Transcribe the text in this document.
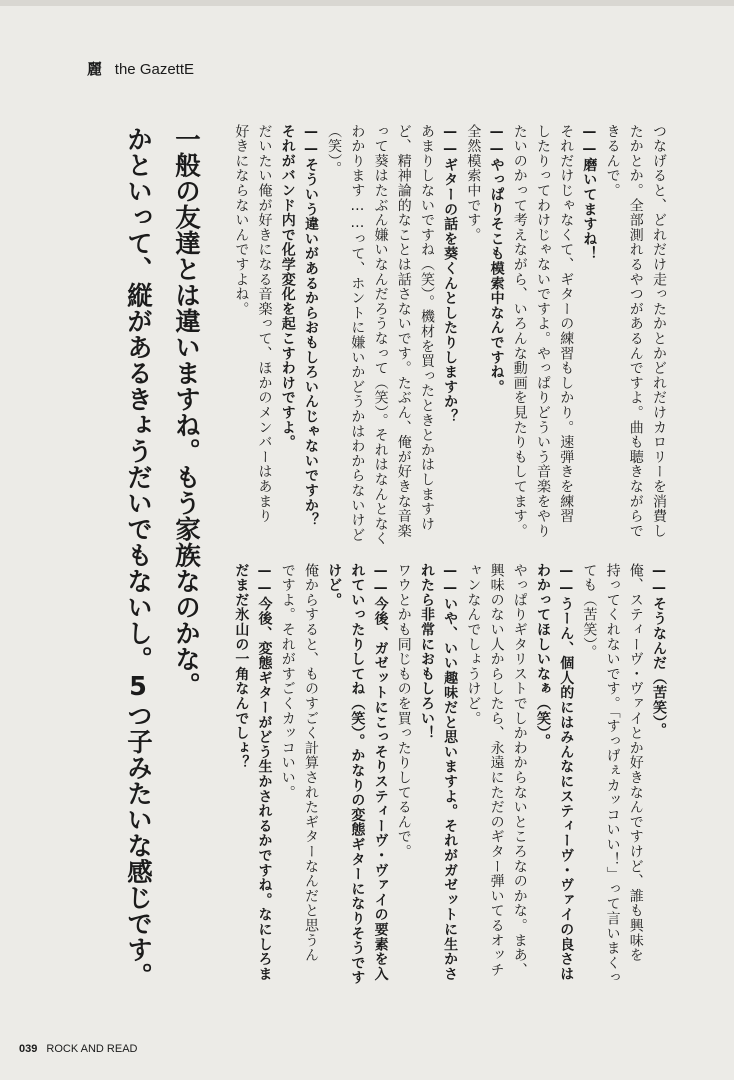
麗 the GazettE
つなげると、どれだけ走ったかとかどれだけカロリーを消費し
たかとか。全部測れるやつがあるんですよ。曲も聴きながらで
きるんで。
——磨いてますね！
それだけじゃなくて、ギターの練習もしかり。速弾きを練習
したりってわけじゃないですよ。やっぱりどういう音楽をやり
たいのかって考えながら、いろんな動画を見たりもしてます。
——やっぱりそこも模索中なんですね。
全然模索中です。
——ギターの話を葵くんとしたりしますか？
あまりしないですね（笑）。機材を買ったときとかはしますけ
ど、精神論的なことは話さないです。たぶん、俺が好きな音楽
って葵はたぶん嫌いなんだろうなって（笑）。それはなんとなく
わかります……って、ホントに嫌いかどうかはわからないけど
（笑）。
——そういう違いがあるからおもしろいんじゃないですか？
それがバンド内で化学変化を起こすわけですよ。
だいたい俺が好きになる音楽って、ほかのメンバーはあまり
好きにならないんですよね。
——そうなんだ（苦笑）。
俺、スティーヴ・ヴァイとか好きなんですけど、誰も興味を
持ってくれないです。「すっげぇカッコいい！」って言いまくっ
ても（苦笑）。
——うーん、個人的にはみんなにスティーヴ・ヴァイの良さは
わかってほしいなぁ（笑）。
やっぱりギタリストでしかわからないところなのかな。まあ、
興味のない人からしたら、永遠にただのギター弾いてるオッチ
ャンなんでしょうけど。
——いや、いい趣味だと思いますよ。それがガゼットに生かさ
れたら非常におもしろい！
ワウとかも同じものを買ったりしてるんで。
——今後、ガゼットにこっそりスティーヴ・ヴァイの要素を入
れていったりしてね（笑）。かなりの変態ギターになりそうです
けど。
俺からすると、ものすごく計算されたギターなんだと思うん
ですよ。それがすごくカッコいい。
——今後、変態ギターがどう生かされるかですね。なにしろま
だまだ氷山の一角なんでしょ？
一般の友達とは違いますね。もう家族なのかな。
かといって、縦があるきょうだいでもないし。5つ子みたいな感じです。
039 ROCK AND READ
